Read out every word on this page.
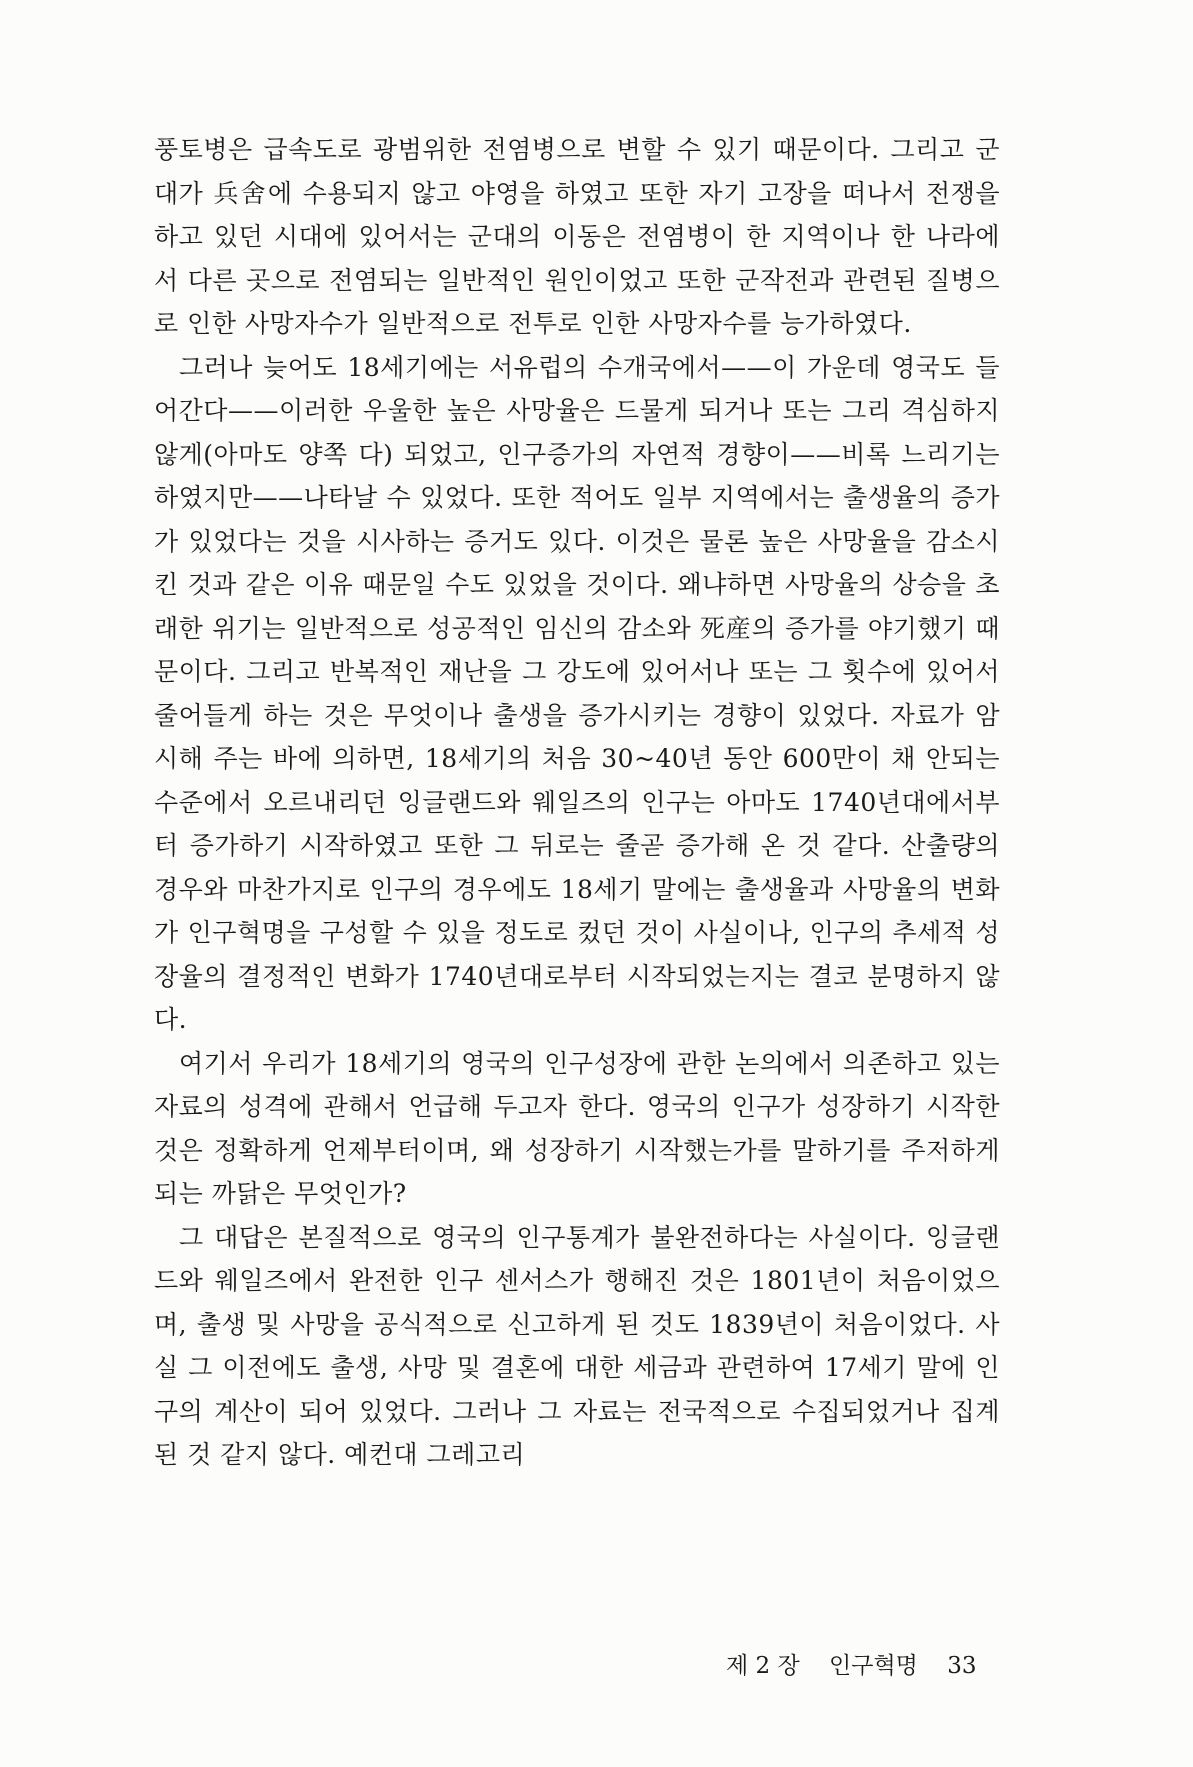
풍토병은 급속도로 광범위한 전염병으로 변할 수 있기 때문이다. 그리고 군대가 兵舍에 수용되지 않고 야영을 하였고 또한 자기 고장을 떠나서 전쟁을 하고 있던 시대에 있어서는 군대의 이동은 전염병이 한 지역이나 한 나라에서 다른 곳으로 전염되는 일반적인 원인이었고 또한 군작전과 관련된 질병으로 인한 사망자수가 일반적으로 전투로 인한 사망자수를 능가하였다.

그러나 늦어도 18세기에는 서유럽의 수개국에서——이 가운데 영국도 들어간다——이러한 우울한 높은 사망율은 드물게 되거나 또는 그리 격심하지 않게(아마도 양쪽 다) 되었고, 인구증가의 자연적 경향이——비록 느리기는 하였지만——나타날 수 있었다. 또한 적어도 일부 지역에서는 출생율의 증가가 있었다는 것을 시사하는 증거도 있다. 이것은 물론 높은 사망율을 감소시킨 것과 같은 이유 때문일 수도 있었을 것이다. 왜냐하면 사망율의 상승을 초래한 위기는 일반적으로 성공적인 임신의 감소와 死産의 증가를 야기했기 때문이다. 그리고 반복적인 재난을 그 강도에 있어서나 또는 그 횟수에 있어서 줄어들게 하는 것은 무엇이나 출생을 증가시키는 경향이 있었다. 자료가 암시해 주는 바에 의하면, 18세기의 처음 30~40년 동안 600만이 채 안되는 수준에서 오르내리던 잉글랜드와 웨일즈의 인구는 아마도 1740년대에서부터 증가하기 시작하였고 또한 그 뒤로는 줄곧 증가해 온 것 같다. 산출량의 경우와 마찬가지로 인구의 경우에도 18세기 말에는 출생율과 사망율의 변화가 인구혁명을 구성할 수 있을 정도로 컸던 것이 사실이나, 인구의 추세적 성장율의 결정적인 변화가 1740년대로부터 시작되었는지는 결코 분명하지 않다.

여기서 우리가 18세기의 영국의 인구성장에 관한 논의에서 의존하고 있는 자료의 성격에 관해서 언급해 두고자 한다. 영국의 인구가 성장하기 시작한 것은 정확하게 언제부터이며, 왜 성장하기 시작했는가를 말하기를 주저하게 되는 까닭은 무엇인가?

그 대답은 본질적으로 영국의 인구통계가 불완전하다는 사실이다. 잉글랜드와 웨일즈에서 완전한 인구 센서스가 행해진 것은 1801년이 처음이었으며, 출생 및 사망을 공식적으로 신고하게 된 것도 1839년이 처음이었다. 사실 그 이전에도 출생, 사망 및 결혼에 대한 세금과 관련하여 17세기 말에 인구의 계산이 되어 있었다. 그러나 그 자료는 전국적으로 수집되었거나 집계된 것 같지 않다. 예컨대 그레고리

제 2 장 인구혁명 33
